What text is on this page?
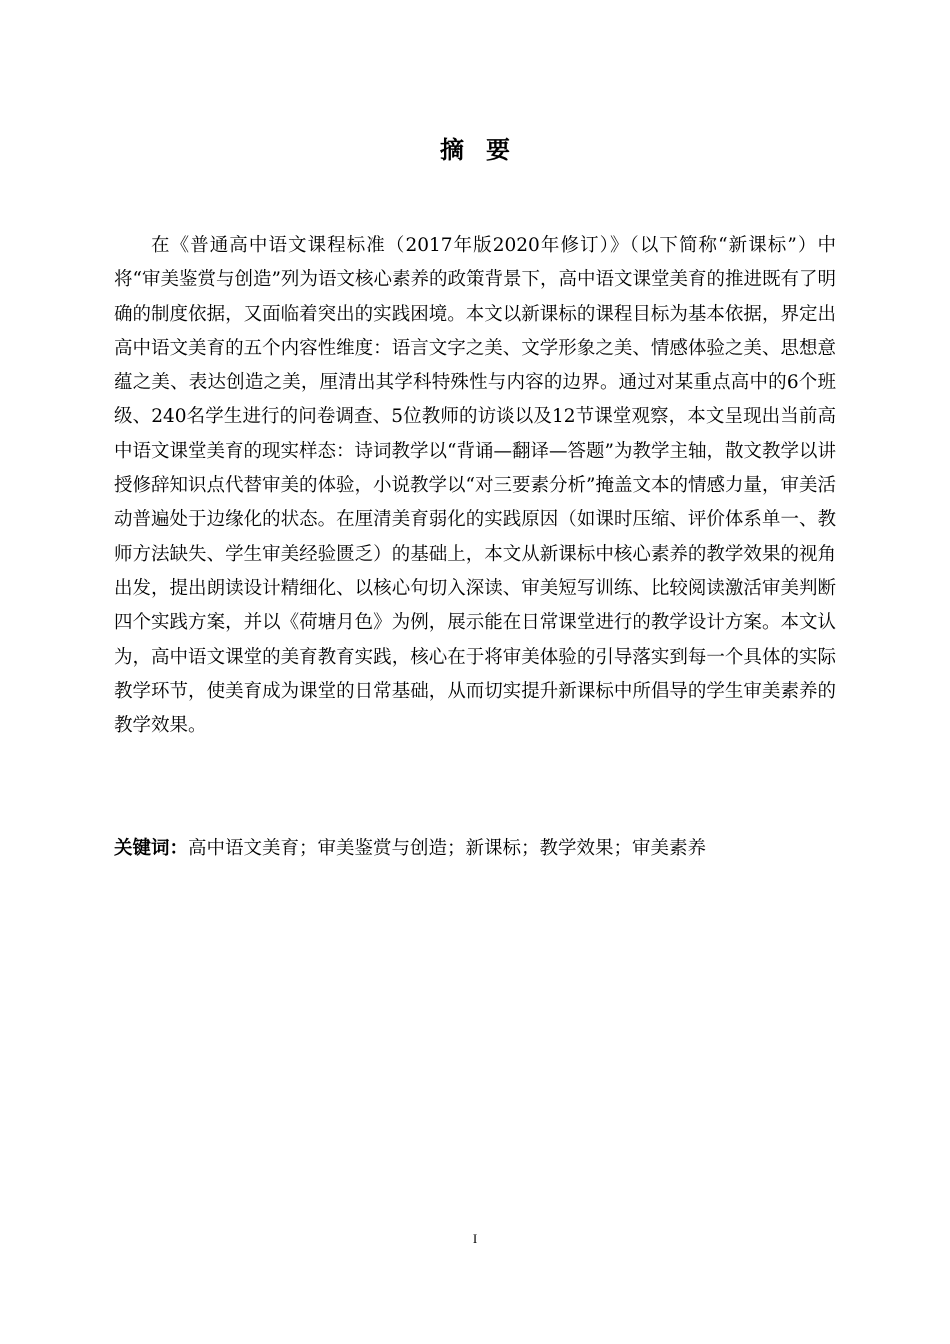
摘要

在《普通高中语文课程标准（2017年版2020年修订）》（以下简称“新课标”）中将“审美鉴赏与创造”列为语文核心素养的政策背景下，高中语文课堂美育的推进既有了明确的制度依据，又面临着突出的实践困境。本文以新课标的课程目标为基本依据，界定出高中语文美育的五个内容性维度：语言文字之美、文学形象之美、情感体验之美、思想意蕴之美、表达创造之美，厘清出其学科特殊性与内容的边界。通过对某重点高中的6个班级、240名学生进行的问卷调查、5位教师的访谈以及12节课堂观察，本文呈现出当前高中语文课堂美育的现实样态：诗词教学以“背诵—翻译—答题”为教学主轴，散文教学以讲授修辞知识点代替审美的体验，小说教学以“对三要素分析”掩盖文本的情感力量，审美活动普遍处于边缘化的状态。在厘清美育弱化的实践原因（如课时压缩、评价体系单一、教师方法缺失、学生审美经验匮乏）的基础上，本文从新课标中核心素养的教学效果的视角出发，提出朗读设计精细化、以核心句切入深读、审美短写训练、比较阅读激活审美判断四个实践方案，并以《荷塘月色》为例，展示能在日常课堂进行的教学设计方案。本文认为，高中语文课堂的美育教育实践，核心在于将审美体验的引导落实到每一个具体的实际教学环节，使美育成为课堂的日常基础，从而切实提升新课标中所倡导的学生审美素养的教学效果。

关键词：高中语文美育；审美鉴赏与创造；新课标；教学效果；审美素养

I
